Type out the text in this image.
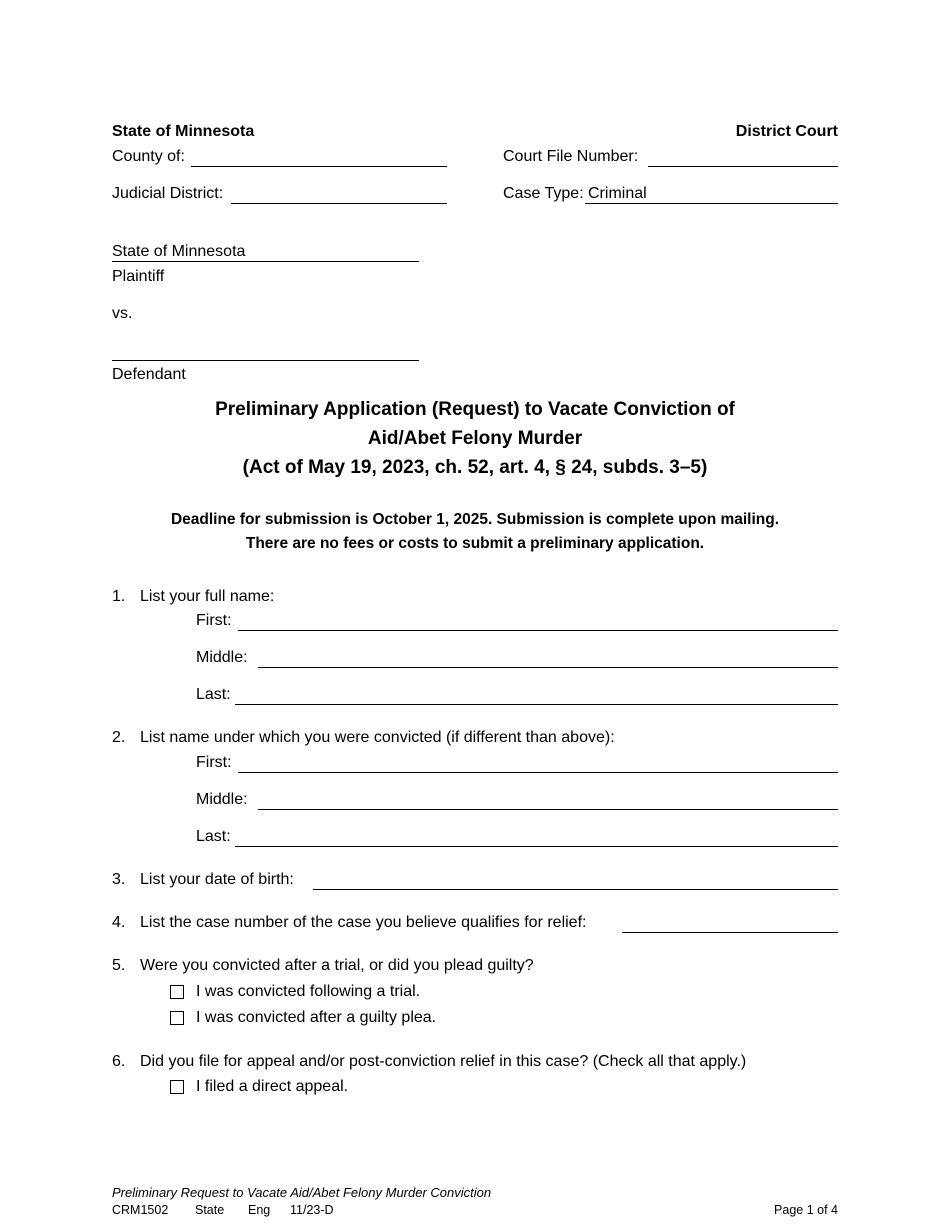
State of Minnesota	District Court
County of:	Court File Number:
Judicial District:	Case Type: Criminal
State of Minnesota
Plaintiff
vs.
Defendant
Preliminary Application (Request) to Vacate Conviction of
Aid/Abet Felony Murder
(Act of May 19, 2023, ch. 52, art. 4, § 24, subds. 3–5)
Deadline for submission is October 1, 2025. Submission is complete upon mailing.
There are no fees or costs to submit a preliminary application.
1. List your full name:
First:
Middle:
Last:
2. List name under which you were convicted (if different than above):
First:
Middle:
Last:
3. List your date of birth:
4. List the case number of the case you believe qualifies for relief:
5. Were you convicted after a trial, or did you plead guilty?
I was convicted following a trial.
I was convicted after a guilty plea.
6. Did you file for appeal and/or post-conviction relief in this case? (Check all that apply.)
I filed a direct appeal.
Preliminary Request to Vacate Aid/Abet Felony Murder Conviction
CRM1502 State Eng 11/23-D	Page 1 of 4
